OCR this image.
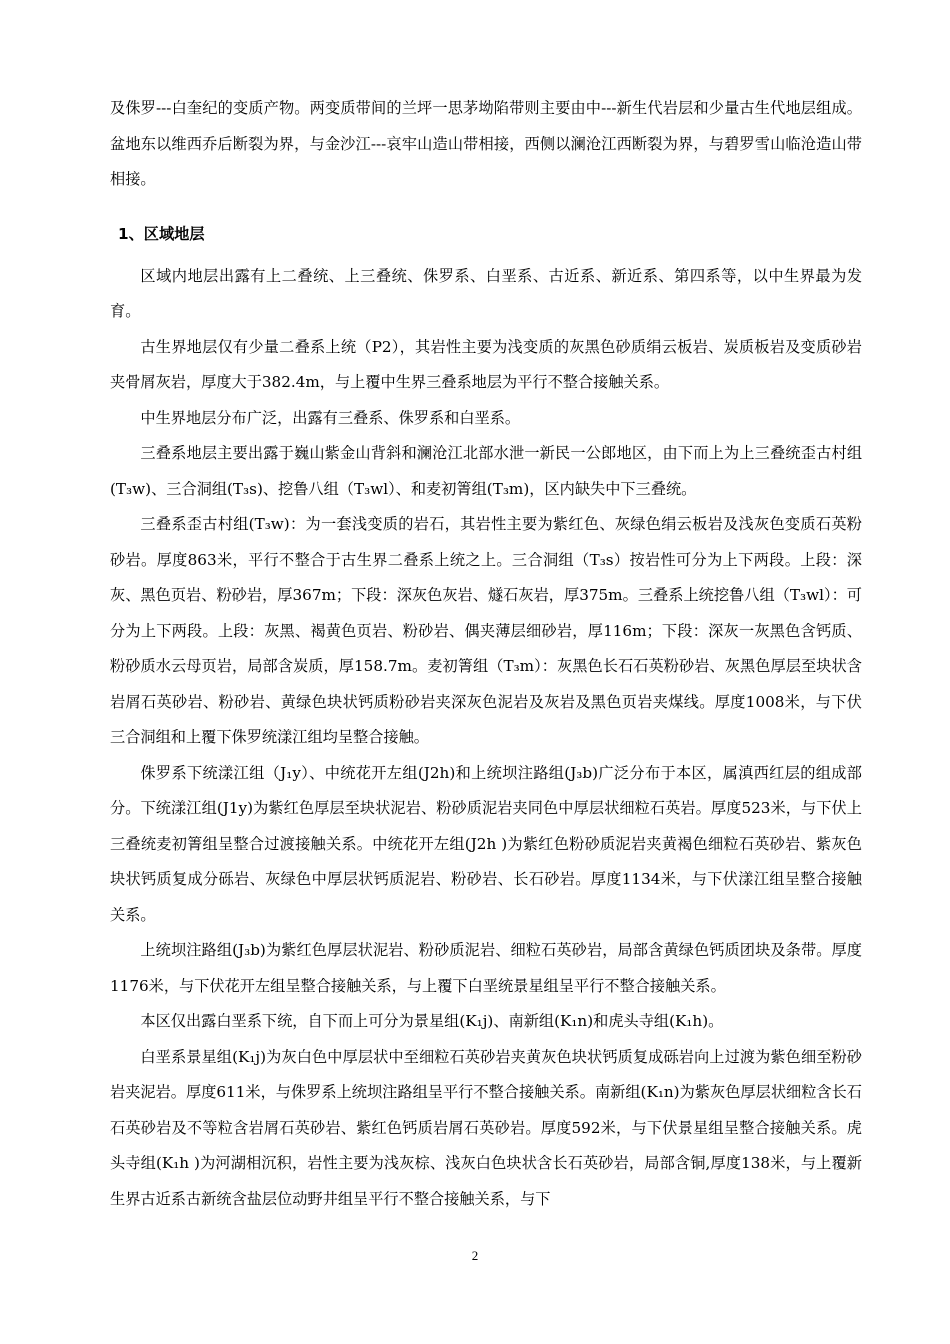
及侏罗---白奎纪的变质产物。两变质带间的兰坪一思茅坳陷带则主要由中---新生代岩层和少量古生代地层组成。盆地东以维西乔后断裂为界，与金沙江---哀牢山造山带相接，西侧以澜沧江西断裂为界，与碧罗雪山临沧造山带相接。

1、区域地层

区域内地层出露有上二叠统、上三叠统、侏罗系、白垩系、古近系、新近系、第四系等，以中生界最为发育。

古生界地层仅有少量二叠系上统（P2），其岩性主要为浅变质的灰黑色砂质绢云板岩、炭质板岩及变质砂岩夹骨屑灰岩，厚度大于382.4m，与上覆中生界三叠系地层为平行不整合接触关系。

中生界地层分布广泛，出露有三叠系、侏罗系和白垩系。

三叠系地层主要出露于巍山紫金山背斜和澜沧江北部水泄一新民一公郎地区，由下而上为上三叠统歪古村组(T₃w)、三合洞组(T₃s)、挖鲁八组（T₃wl）、和麦初箐组(T₃m)，区内缺失中下三叠统。

三叠系歪古村组(T₃w)：为一套浅变质的岩石，其岩性主要为紫红色、灰绿色绢云板岩及浅灰色变质石英粉砂岩。厚度863米，平行不整合于古生界二叠系上统之上。三合洞组（T₃s）按岩性可分为上下两段。上段：深灰、黑色页岩、粉砂岩，厚367m；下段：深灰色灰岩、燧石灰岩，厚375m。三叠系上统挖鲁八组（T₃wl）：可分为上下两段。上段：灰黑、褐黄色页岩、粉砂岩、偶夹薄层细砂岩，厚116m；下段：深灰一灰黑色含钙质、粉砂质水云母页岩，局部含炭质，厚158.7m。麦初箐组（T₃m）：灰黑色长石石英粉砂岩、灰黑色厚层至块状含岩屑石英砂岩、粉砂岩、黄绿色块状钙质粉砂岩夹深灰色泥岩及灰岩及黑色页岩夹煤线。厚度1008米，与下伏三合洞组和上覆下侏罗统漾江组均呈整合接触。

侏罗系下统漾江组（J₁y）、中统花开左组(J2h)和上统坝注路组(J₃b)广泛分布于本区，属滇西红层的组成部分。下统漾江组(J1y)为紫红色厚层至块状泥岩、粉砂质泥岩夹同色中厚层状细粒石英岩。厚度523米，与下伏上三叠统麦初箐组呈整合过渡接触关系。中统花开左组(J2h )为紫红色粉砂质泥岩夹黄褐色细粒石英砂岩、紫灰色块状钙质复成分砾岩、灰绿色中厚层状钙质泥岩、粉砂岩、长石砂岩。厚度1134米，与下伏漾江组呈整合接触关系。

上统坝注路组(J₃b)为紫红色厚层状泥岩、粉砂质泥岩、细粒石英砂岩，局部含黄绿色钙质团块及条带。厚度1176米，与下伏花开左组呈整合接触关系，与上覆下白垩统景星组呈平行不整合接触关系。

本区仅出露白垩系下统，自下而上可分为景星组(K₁j)、南新组(K₁n)和虎头寺组(K₁h)。

白垩系景星组(K₁j)为灰白色中厚层状中至细粒石英砂岩夹黄灰色块状钙质复成砾岩向上过渡为紫色细至粉砂岩夹泥岩。厚度611米，与侏罗系上统坝注路组呈平行不整合接触关系。南新组(K₁n)为紫灰色厚层状细粒含长石石英砂岩及不等粒含岩屑石英砂岩、紫红色钙质岩屑石英砂岩。厚度592米，与下伏景星组呈整合接触关系。虎头寺组(K₁h )为河湖相沉积，岩性主要为浅灰棕、浅灰白色块状含长石英砂岩，局部含铜,厚度138米，与上覆新生界古近系古新统含盐层位动野井组呈平行不整合接触关系，与下

2
